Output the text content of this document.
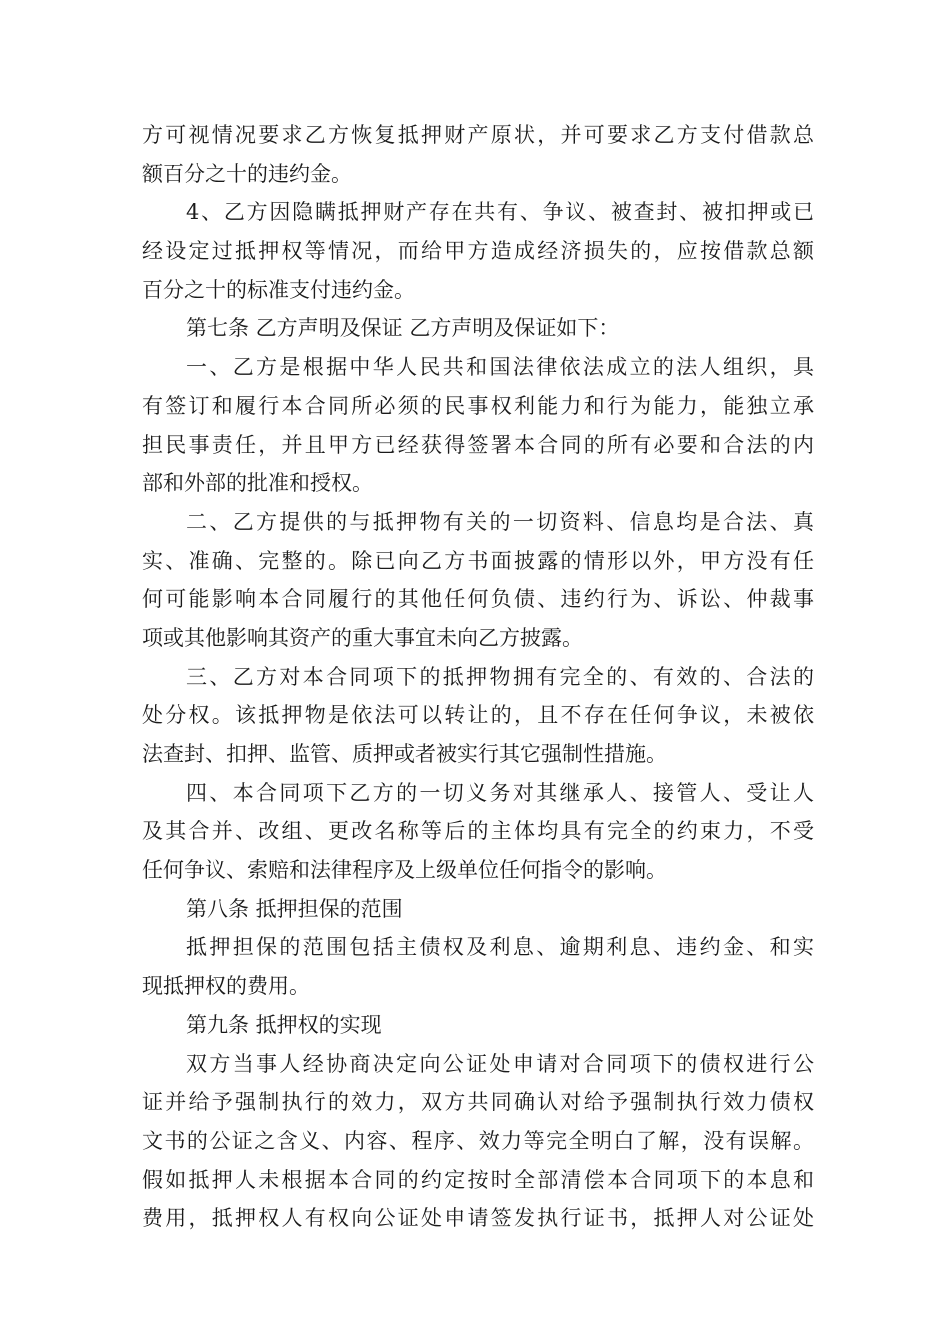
方可视情况要求乙方恢复抵押财产原状，并可要求乙方支付借款总
额百分之十的违约金。
4、乙方因隐瞒抵押财产存在共有、争议、被查封、被扣押或已
经设定过抵押权等情况，而给甲方造成经济损失的，应按借款总额
百分之十的标准支付违约金。
第七条 乙方声明及保证 乙方声明及保证如下：
一、乙方是根据中华人民共和国法律依法成立的法人组织，具
有签订和履行本合同所必须的民事权利能力和行为能力，能独立承
担民事责任，并且甲方已经获得签署本合同的所有必要和合法的内
部和外部的批准和授权。
二、乙方提供的与抵押物有关的一切资料、信息均是合法、真
实、准确、完整的。除已向乙方书面披露的情形以外，甲方没有任
何可能影响本合同履行的其他任何负债、违约行为、诉讼、仲裁事
项或其他影响其资产的重大事宜未向乙方披露。
三、乙方对本合同项下的抵押物拥有完全的、有效的、合法的
处分权。该抵押物是依法可以转让的，且不存在任何争议，未被依
法查封、扣押、监管、质押或者被实行其它强制性措施。
四、本合同项下乙方的一切义务对其继承人、接管人、受让人
及其合并、改组、更改名称等后的主体均具有完全的约束力，不受
任何争议、索赔和法律程序及上级单位任何指令的影响。
第八条 抵押担保的范围
抵押担保的范围包括主债权及利息、逾期利息、违约金、和实
现抵押权的费用。
第九条 抵押权的实现
双方当事人经协商决定向公证处申请对合同项下的债权进行公
证并给予强制执行的效力，双方共同确认对给予强制执行效力债权
文书的公证之含义、内容、程序、效力等完全明白了解，没有误解。
假如抵押人未根据本合同的约定按时全部清偿本合同项下的本息和
费用，抵押权人有权向公证处申请签发执行证书，抵押人对公证处
